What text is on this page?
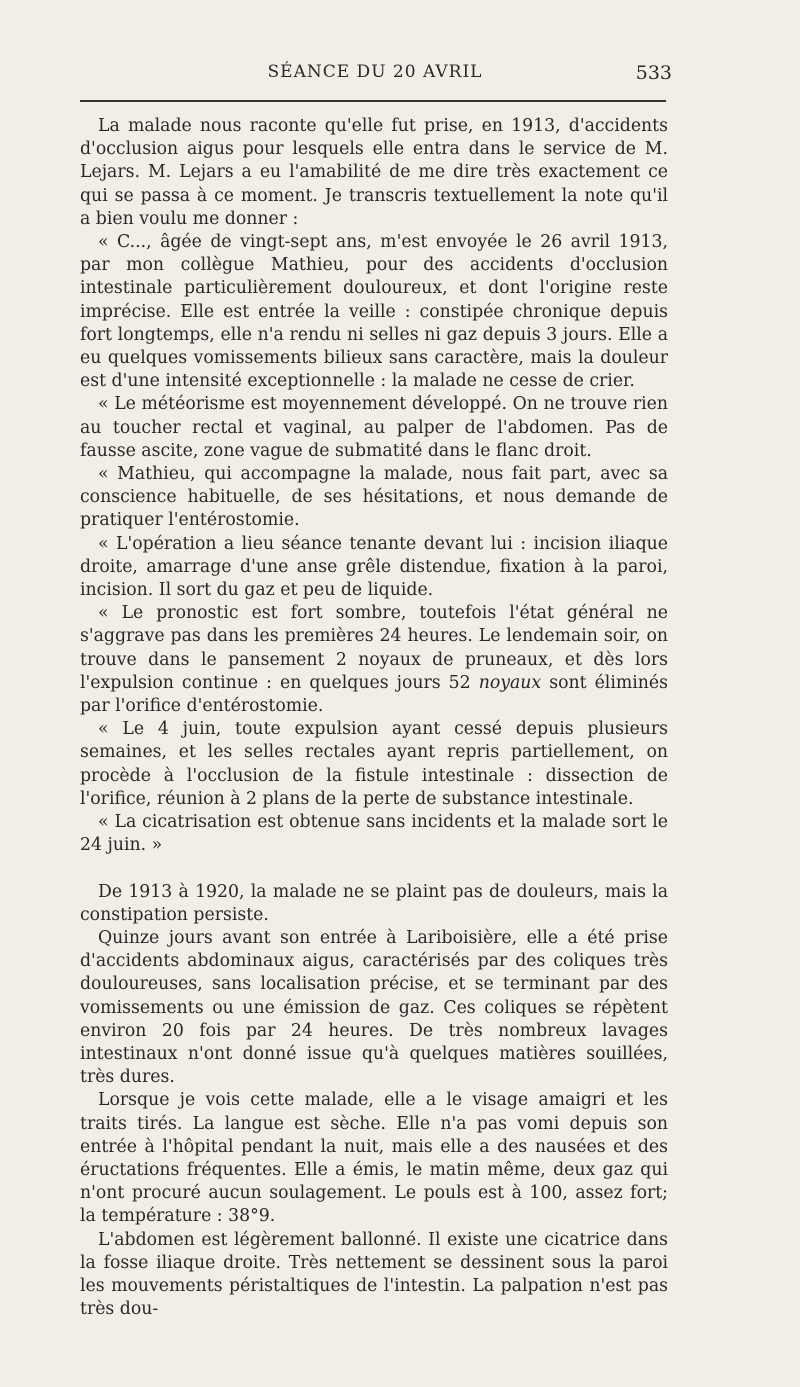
SÉANCE DU 20 AVRIL	533

La malade nous raconte qu'elle fut prise, en 1913, d'accidents d'occlusion aigus pour lesquels elle entra dans le service de M. Lejars. M. Lejars a eu l'amabilité de me dire très exactement ce qui se passa à ce moment. Je transcris textuellement la note qu'il a bien voulu me donner :

« C..., âgée de vingt-sept ans, m'est envoyée le 26 avril 1913, par mon collègue Mathieu, pour des accidents d'occlusion intestinale particulièrement douloureux, et dont l'origine reste imprécise. Elle est entrée la veille : constipée chronique depuis fort longtemps, elle n'a rendu ni selles ni gaz depuis 3 jours. Elle a eu quelques vomissements bilieux sans caractère, mais la douleur est d'une intensité exceptionnelle : la malade ne cesse de crier.

« Le météorisme est moyennement développé. On ne trouve rien au toucher rectal et vaginal, au palper de l'abdomen. Pas de fausse ascite, zone vague de submatité dans le flanc droit.

« Mathieu, qui accompagne la malade, nous fait part, avec sa conscience habituelle, de ses hésitations, et nous demande de pratiquer l'entérostomie.

« L'opération a lieu séance tenante devant lui : incision iliaque droite, amarrage d'une anse grêle distendue, fixation à la paroi, incision. Il sort du gaz et peu de liquide.

« Le pronostic est fort sombre, toutefois l'état général ne s'aggrave pas dans les premières 24 heures. Le lendemain soir, on trouve dans le pansement 2 noyaux de pruneaux, et dès lors l'expulsion continue : en quelques jours 52 noyaux sont éliminés par l'orifice d'entérostomie.

« Le 4 juin, toute expulsion ayant cessé depuis plusieurs semaines, et les selles rectales ayant repris partiellement, on procède à l'occlusion de la fistule intestinale : dissection de l'orifice, réunion à 2 plans de la perte de substance intestinale.

« La cicatrisation est obtenue sans incidents et la malade sort le 24 juin. »

De 1913 à 1920, la malade ne se plaint pas de douleurs, mais la constipation persiste.

Quinze jours avant son entrée à Lariboisière, elle a été prise d'accidents abdominaux aigus, caractérisés par des coliques très douloureuses, sans localisation précise, et se terminant par des vomissements ou une émission de gaz. Ces coliques se répètent environ 20 fois par 24 heures. De très nombreux lavages intestinaux n'ont donné issue qu'à quelques matières souillées, très dures.

Lorsque je vois cette malade, elle a le visage amaigri et les traits tirés. La langue est sèche. Elle n'a pas vomi depuis son entrée à l'hôpital pendant la nuit, mais elle a des nausées et des éructations fréquentes. Elle a émis, le matin même, deux gaz qui n'ont procuré aucun soulagement. Le pouls est à 100, assez fort; la température : 38°9.

L'abdomen est légèrement ballonné. Il existe une cicatrice dans la fosse iliaque droite. Très nettement se dessinent sous la paroi les mouvements péristaltiques de l'intestin. La palpation n'est pas très dou-
